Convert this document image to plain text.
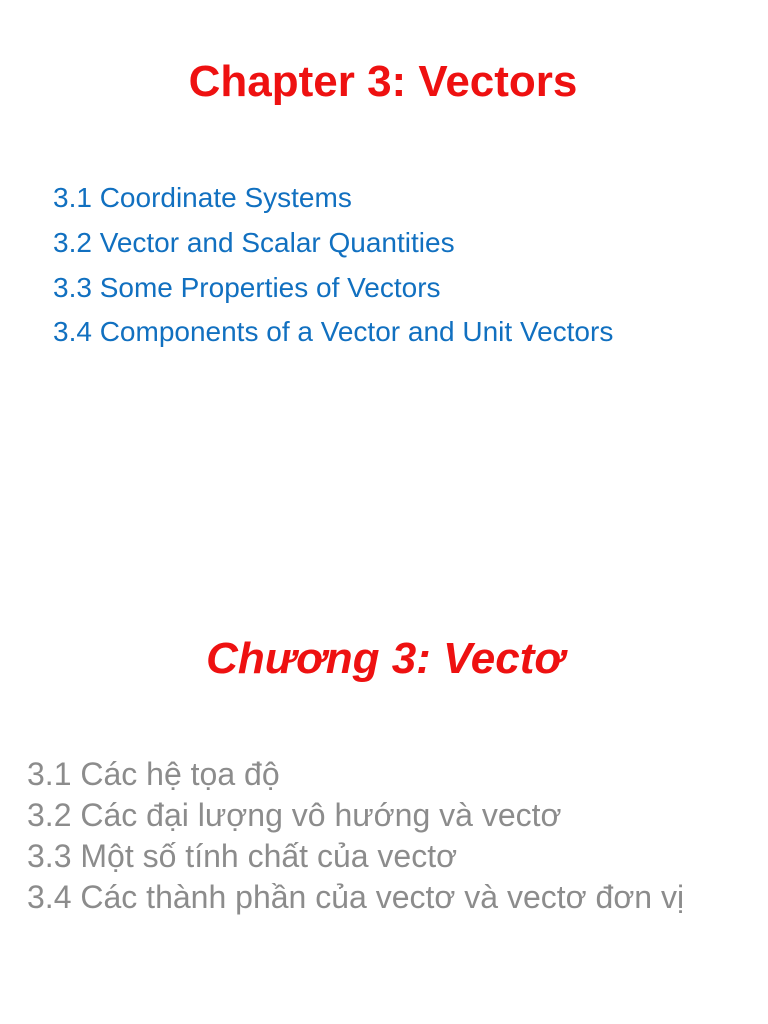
Chapter 3: Vectors
3.1 Coordinate Systems
3.2 Vector and Scalar Quantities
3.3 Some Properties of Vectors
3.4 Components of a Vector and Unit Vectors
Chương 3: Vectơ
3.1 Các hệ tọa độ
3.2 Các đại lượng vô hướng và vectơ
3.3 Một số tính chất của vectơ
3.4 Các thành phần của vectơ và vectơ đơn vị
